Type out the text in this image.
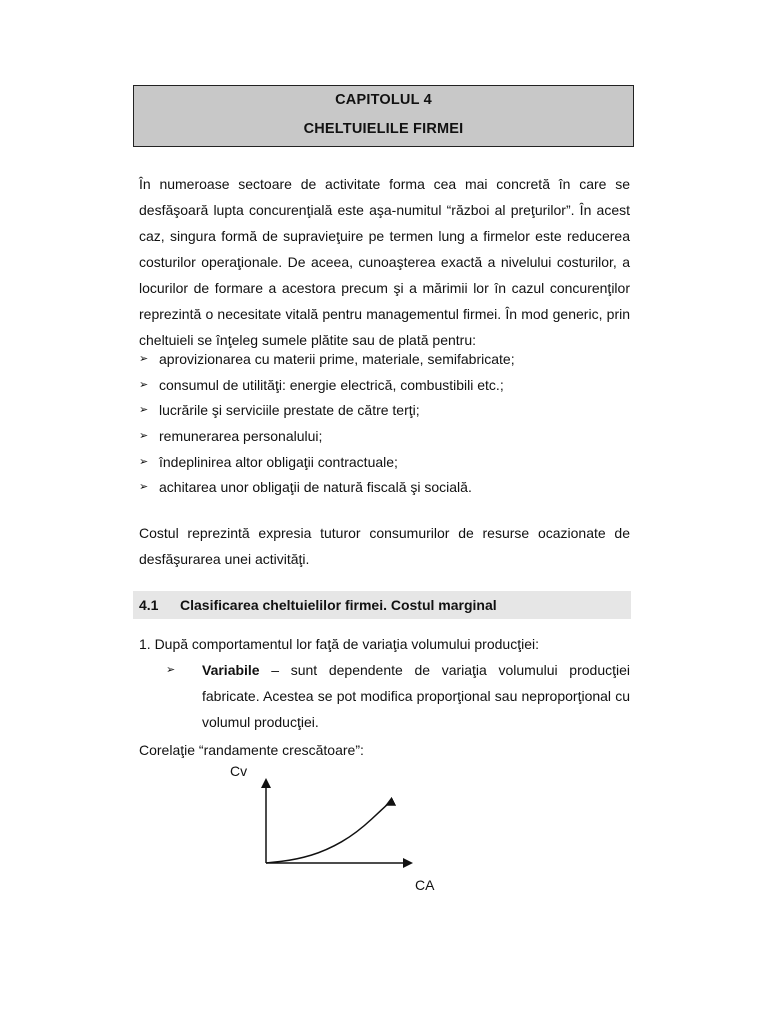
CAPITOLUL 4
CHELTUIELILE FIRMEI
În numeroase sectoare de activitate forma cea mai concretă în care se desfăşoară lupta concurenţială este aşa-numitul “război al preţurilor”. În acest caz, singura formă de supravieţuire pe termen lung a firmelor este reducerea costurilor operaţionale. De aceea, cunoaşterea exactă a nivelului costurilor, a locurilor de formare a acestora precum şi a mărimii lor în cazul concurenţilor reprezintă o necesitate vitală pentru managementul firmei. În mod generic, prin cheltuieli se înţeleg sumele plătite sau de plată pentru:
➢ aprovizionarea cu materii prime, materiale, semifabricate;
➢ consumul de utilităţi: energie electrică, combustibili etc.;
➢ lucrările şi serviciile prestate de către terţi;
➢ remunerarea personalului;
➢ îndeplinirea altor obligaţii contractuale;
➢ achitarea unor obligaţii de natură fiscală şi socială.
Costul reprezintă expresia tuturor consumurilor de resurse ocazionate de desfăşurarea unei activităţi.
4.1 Clasificarea cheltuielilor firmei. Costul marginal
1. După comportamentul lor faţă de variaţia volumului producţiei:
➢ Variabile – sunt dependente de variaţia volumului producţiei fabricate. Acestea se pot modifica proporţional sau neproporţional cu volumul producţiei.
Corelaţie “randamente crescătoare”:
Cv
CA
